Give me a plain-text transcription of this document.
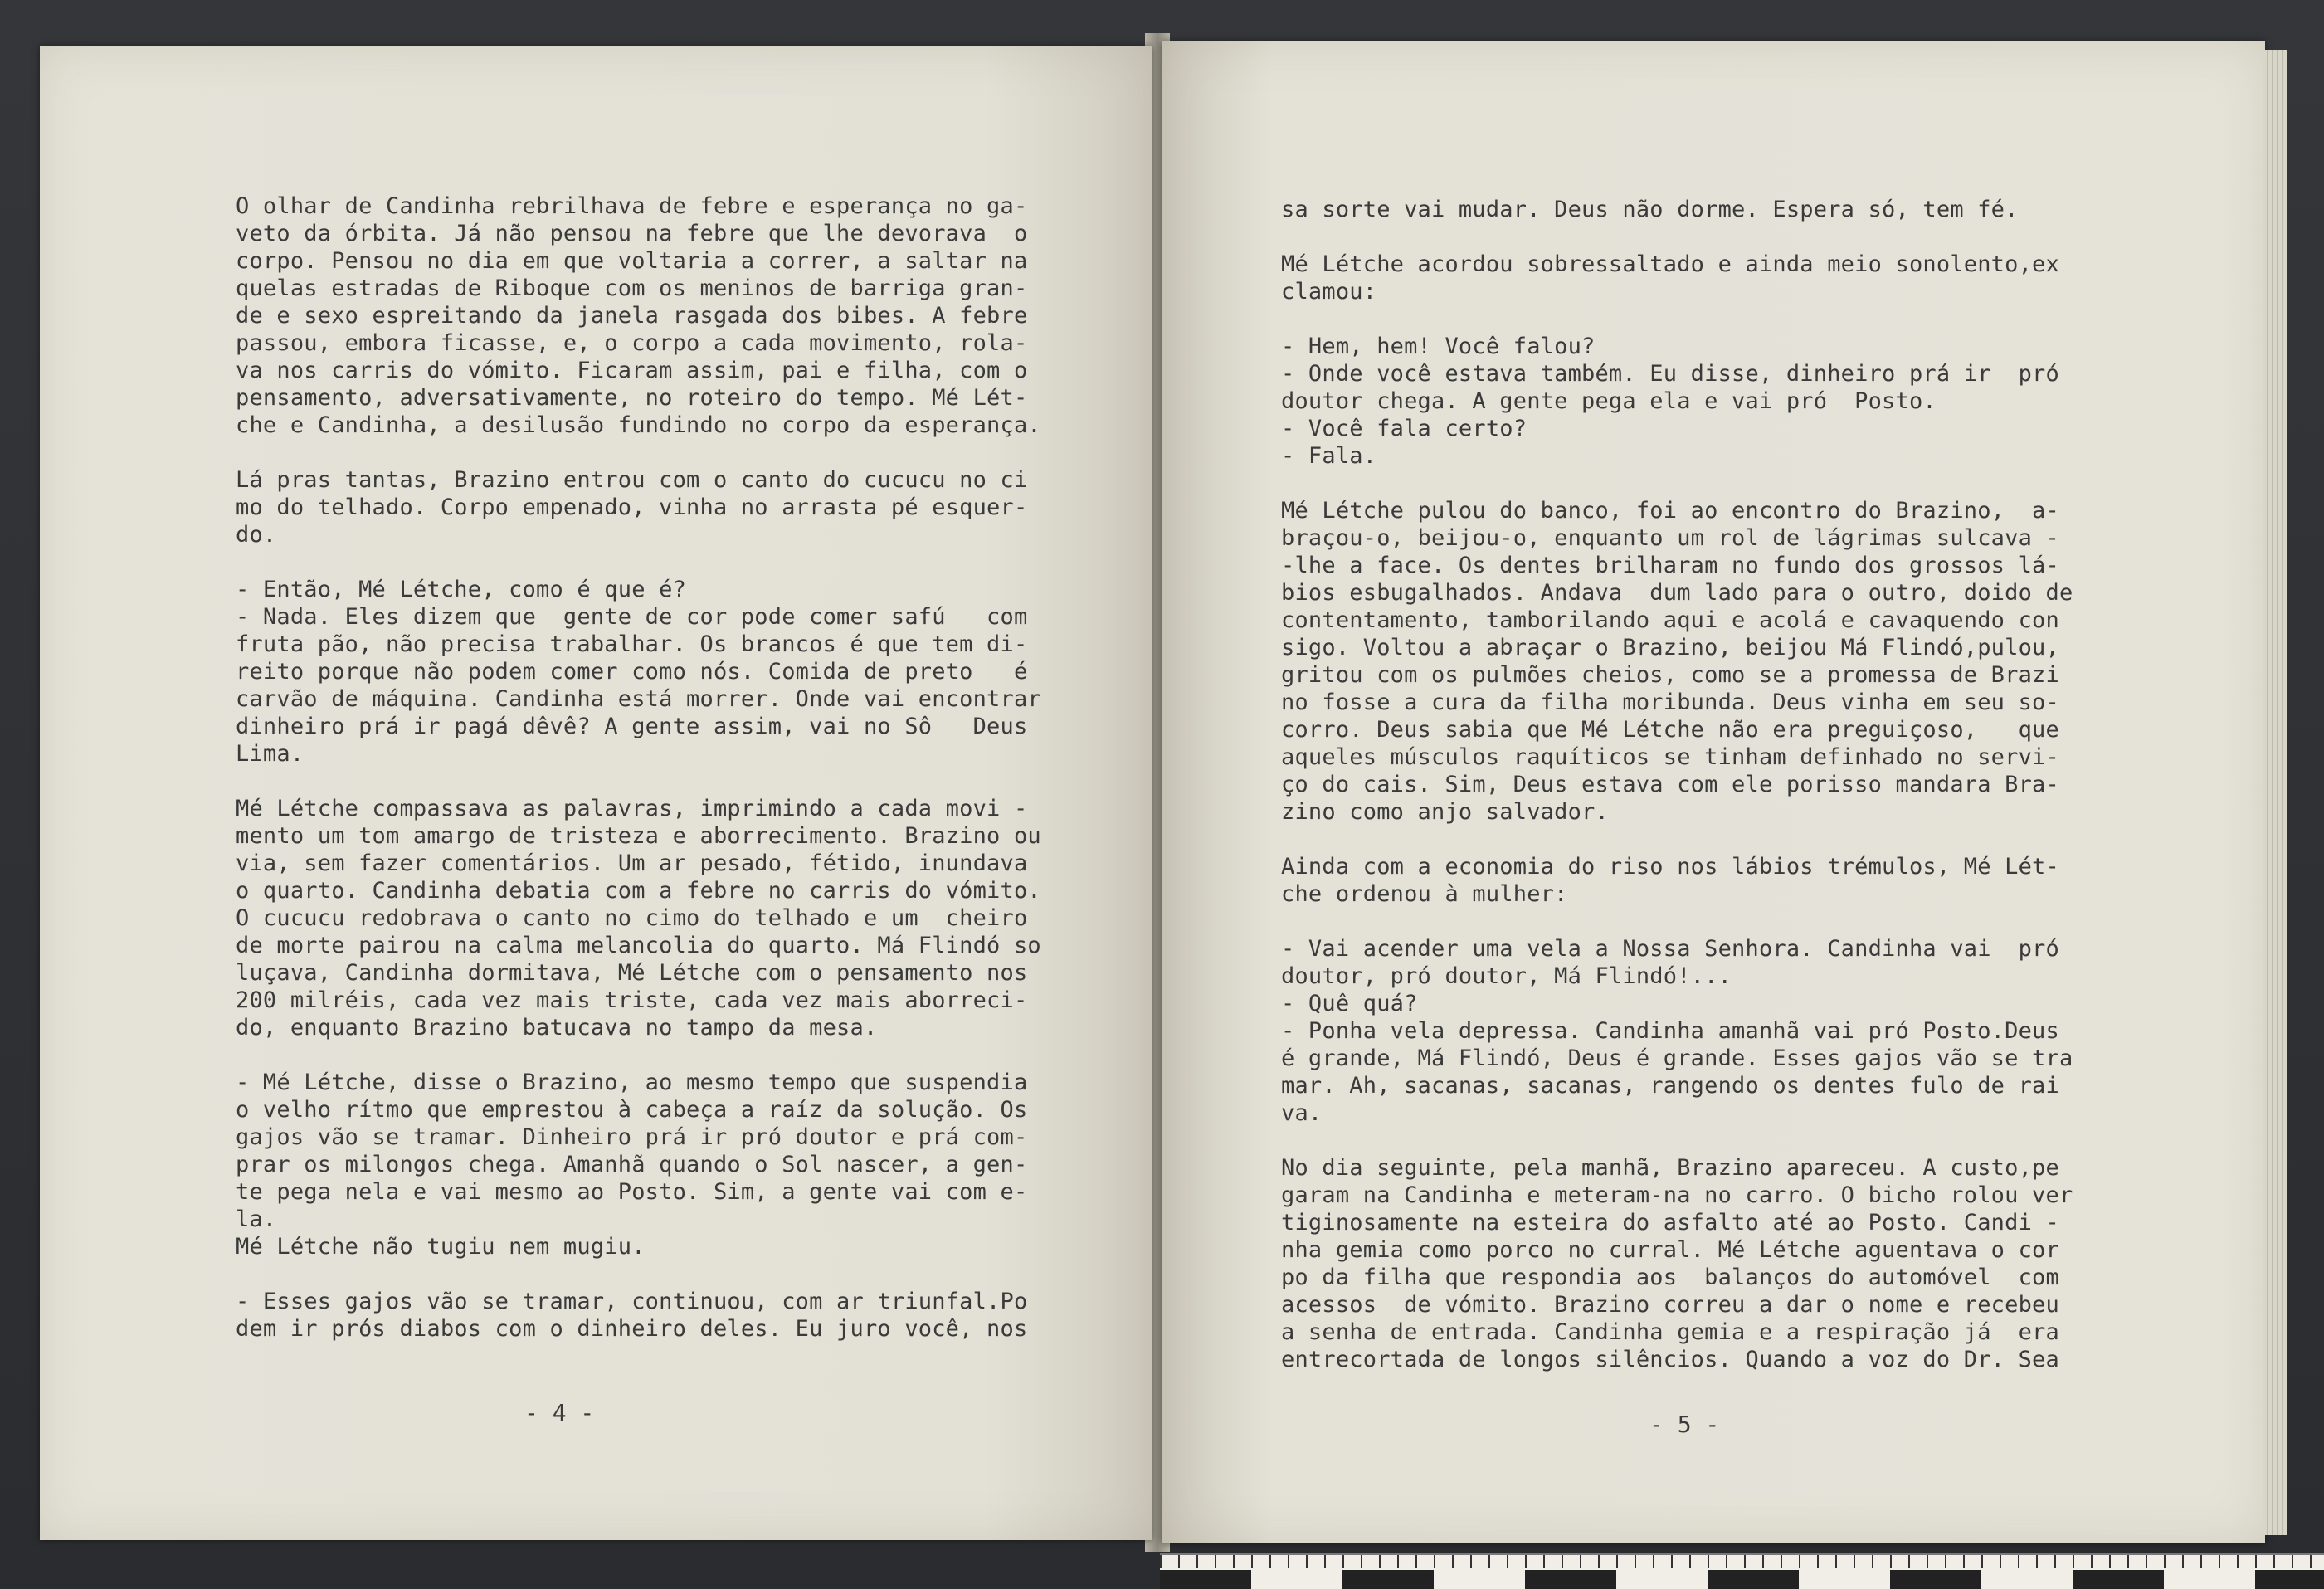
O olhar de Candinha rebrilhava de febre e esperança no ga-
veto da órbita. Já não pensou na febre que lhe devorava  o
corpo. Pensou no dia em que voltaria a correr, a saltar na
quelas estradas de Riboque com os meninos de barriga gran-
de e sexo espreitando da janela rasgada dos bibes. A febre
passou, embora ficasse, e, o corpo a cada movimento, rola-
va nos carris do vómito. Ficaram assim, pai e filha, com o
pensamento, adversativamente, no roteiro do tempo. Mé Lét-
che e Candinha, a desilusão fundindo no corpo da esperança.
Lá pras tantas, Brazino entrou com o canto do cucucu no ci
mo do telhado. Corpo empenado, vinha no arrasta pé esquer-
do.
- Então, Mé Létche, como é que é?
- Nada. Eles dizem que  gente de cor pode comer safú   com
fruta pão, não precisa trabalhar. Os brancos é que tem di-
reito porque não podem comer como nós. Comida de preto   é
carvão de máquina. Candinha está morrer. Onde vai encontrar
dinheiro prá ir pagá dêvê? A gente assim, vai no Sô   Deus
Lima.
Mé Létche compassava as palavras, imprimindo a cada movi -
mento um tom amargo de tristeza e aborrecimento. Brazino ou
via, sem fazer comentários. Um ar pesado, fétido, inundava
o quarto. Candinha debatia com a febre no carris do vómito.
O cucucu redobrava o canto no cimo do telhado e um  cheiro
de morte pairou na calma melancolia do quarto. Má Flindó so
luçava, Candinha dormitava, Mé Létche com o pensamento nos
200 milréis, cada vez mais triste, cada vez mais aborreci-
do, enquanto Brazino batucava no tampo da mesa.
- Mé Létche, disse o Brazino, ao mesmo tempo que suspendia
o velho rítmo que emprestou à cabeça a raíz da solução. Os
gajos vão se tramar. Dinheiro prá ir pró doutor e prá com-
prar os milongos chega. Amanhã quando o Sol nascer, a gen-
te pega nela e vai mesmo ao Posto. Sim, a gente vai com e-
la.
Mé Létche não tugiu nem mugiu.
- Esses gajos vão se tramar, continuou, com ar triunfal.Po
dem ir prós diabos com o dinheiro deles. Eu juro você, nos
- 4 -
sa sorte vai mudar. Deus não dorme. Espera só, tem fé.
Mé Létche acordou sobressaltado e ainda meio sonolento,ex
clamou:
- Hem, hem! Você falou?
- Onde você estava também. Eu disse, dinheiro prá ir  pró
doutor chega. A gente pega ela e vai pró  Posto.
- Você fala certo?
- Fala.
Mé Létche pulou do banco, foi ao encontro do Brazino,  a-
braçou-o, beijou-o, enquanto um rol de lágrimas sulcava -
-lhe a face. Os dentes brilharam no fundo dos grossos lá-
bios esbugalhados. Andava  dum lado para o outro, doido de
contentamento, tamborilando aqui e acolá e cavaquendo con
sigo. Voltou a abraçar o Brazino, beijou Má Flindó,pulou,
gritou com os pulmões cheios, como se a promessa de Brazi
no fosse a cura da filha moribunda. Deus vinha em seu so-
corro. Deus sabia que Mé Létche não era preguiçoso,   que
aqueles músculos raquíticos se tinham definhado no servi-
ço do cais. Sim, Deus estava com ele porisso mandara Bra-
zino como anjo salvador.
Ainda com a economia do riso nos lábios trémulos, Mé Lét-
che ordenou à mulher:
- Vai acender uma vela a Nossa Senhora. Candinha vai  pró
doutor, pró doutor, Má Flindó!...
- Quê quá?
- Ponha vela depressa. Candinha amanhã vai pró Posto.Deus
é grande, Má Flindó, Deus é grande. Esses gajos vão se tra
mar. Ah, sacanas, sacanas, rangendo os dentes fulo de rai
va.
No dia seguinte, pela manhã, Brazino apareceu. A custo,pe
garam na Candinha e meteram-na no carro. O bicho rolou ver
tiginosamente na esteira do asfalto até ao Posto. Candi -
nha gemia como porco no curral. Mé Létche aguentava o cor
po da filha que respondia aos  balanços do automóvel  com
acessos  de vómito. Brazino correu a dar o nome e recebeu
a senha de entrada. Candinha gemia e a respiração já  era
entrecortada de longos silêncios. Quando a voz do Dr. Sea
- 5 -
